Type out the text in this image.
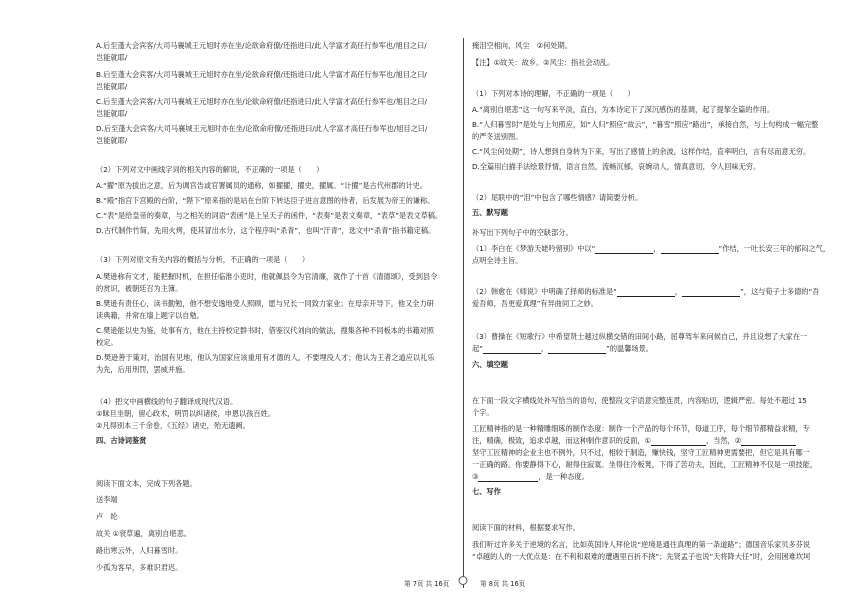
A.后至蓬大会宾客/大司马襄城王元旭时亦在坐/论欲命府僚/还指进曰/此人学富才高任行参军也/旭目之曰/
岂能就耶/
B.后至蓬大会宾客/大司马襄城王元旭时亦在坐/论欲命府僚/还指进曰/此人学富才高任行参军也/旭目之曰/
岂能就耶/
C.后至蓬大会宾客/大司马襄城王元旭时亦在坐/论欲命府僚/还指进曰/此人学富才高任行参军也/旭目之曰/
岂能就耶/
D.后至蓬大会宾客/大司马襄城王元旭时亦在坐/论欲命府僚/还指进曰/此人学富才高任行参军也/旭目之曰/
岂能就耶/
（2）下列对文中画线字词的相关内容的解说，不正确的一项是（　　）
A.“擢”原为拔出之意，后为调官告或官署属员的通称，如擢擢，擢史，擢属。“计擢”是古代州郡的计史。
B.“殿”指宫下宫殿的台阶，“陛下”原来指的是站在台阶下转达臣子进言意图的侍者，后发展为帝王的谦称。
C.“表”是给皇帝的奏章，与之相关的词语“表函”是上呈天子的函件，“表奏”是表文奏章，“表草”是表文草稿。
D.古代制作竹简，先用火烤，使其冒出水分，这个程序叫“杀青”，也叫“汗青”，选文中“杀青”指书籍定稿。
（3）下列对原文有关内容的概括与分析，不正确的一项是（　　）
A.樊逊称有文才，能把握时机，在担任临淮小吏时，他就佩县令为官清廉，就作了十首《清德颂》，受到县令
的赏识，被朝廷召为主簿。
B.樊逊有责任心，读书勤勉，他不想安逸地受人照顾，愿与兄长一同致力家业；在母亲开导下，他又全力研
读典籍，并常在墙上题字以自勉。
C.樊逊能以史为鉴，处事有方，他在主持校定群书时，借鉴汉代刘向的做法，搜集各种不同板本的书籍对照
校定。
D.樊逊善于策对，治国有见地，他认为国家应该重用有才德的人，不要埋没人才；他认为王者之道应以礼乐
为先，后用刑罚，罢威并施。
（4）把文中画横线的句子翻译成现代汉语。
①昧旦坐朝，留心政术，明罚以纠诸侯，申恩以孩百姓。
②凡得别本三千余卷，《五经》诸史，殆无遗阙。
四、古诗词鉴赏
阅读下面文本，完成下列各题。
送李端
卢　纶
故关 ①衰草遍，离别自堪悲。
路出寒云外，人归暮雪时。
少孤为客早，多难识君迟。
掩泪空相向，风尘　②何处期。
【注】①故关：故乡。②风尘：指社会动乱。
（1）下列对本诗的理解，不正确的一项是（　　）
A.“离别自堪悲”这一句写来平淡，直白，为本诗定下了深沉感伤的基调，起了提挈全篇的作用。
B.“人归暮雪时”是处与上句照应，如“人归”照应“故云”，“暮雪”照应“路出”，承接自然，与上句构成一幅完整
的严冬送别图。
C.“风尘何处期”，诗人想到自身转为下来，写出了感情上的余波，这样作结，直率明白，言有尽而意无穷。
D.全篇用白描手法绘景抒情，语言自然，流畅沉郁，哀婉动人，情真意切，令人回味无穷。
（2）尾联中的“泪”中包含了哪些情感？请简要分析。
五、默写题
补写出下列句子中的空缺部分。
（1）李白在《梦游天姥吟留别》中以“	，	”作结，一吐长安三年的郁闷之气，
点明全诗主旨。
（2）韩愈在《师说》中明确了择师的标准是“	，	”，这与荀子士多德的“吾
爱吾师，吾更爱真理”有异曲同工之妙。
（3）曹操在《短歌行》中希望贤士越过纵横交错的田间小路，屈尊驾车来问候自己，并且设想了大家在一
起“	，	”的温馨场景。
六、填空题
在下面一段文字横线处补写恰当的语句，使整段文字语意完整连贯，内容贴切，逻辑严密。每处不超过 15
个字。
工匠精神指的是一种精雕细琢的制作态度：制作一个产品的每个环节，每道工序，每个细节都精益求精，专
注，精确，极致，追求卓越，而这种制作意识的反面，①	，当然，②
坚守工匠精神的企业主也不例外，只不过，相较于制造，赚快钱，坚守工匠精神更需要把，但它是具有哪一
一正确的路。你要静得下心，耐得住寂寞。坐得住冷板凳，下得了苦功夫，因此，工匠精神不仅是一项技能，
③	，是一种态度。
七、写作
阅读下面的材料，根据要求写作。
我们听过许多关于逆境的名言，比如英国诗人拜伦说“逆境是通往真理的第一条道路”；德国音乐家贝多芬说
“卓越的人的一大优点是：在不利和艰难的遭遇里百折不挠”；先贤孟子也说“天将降大任”时，会用困难坎坷
第 7页 共 16页	第 8页 共 16页
